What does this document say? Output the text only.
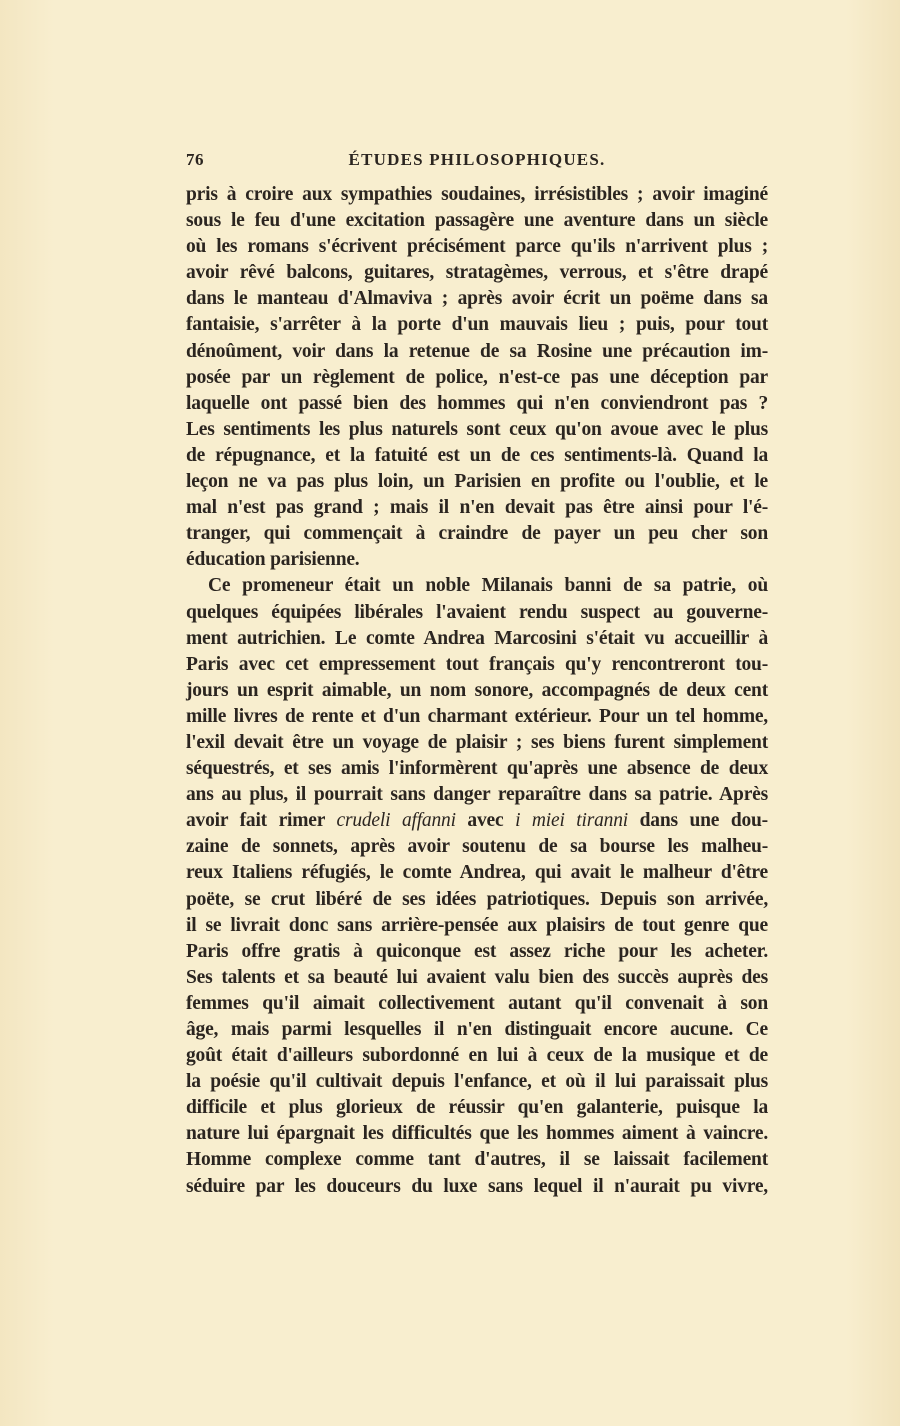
76	ÉTUDES PHILOSOPHIQUES.
pris à croire aux sympathies soudaines, irrésistibles ; avoir imaginé
sous le feu d'une excitation passagère une aventure dans un siècle
où les romans s'écrivent précisément parce qu'ils n'arrivent plus ;
avoir rêvé balcons, guitares, stratagèmes, verrous, et s'être drapé
dans le manteau d'Almaviva ; après avoir écrit un poëme dans sa
fantaisie, s'arrêter à la porte d'un mauvais lieu ; puis, pour tout
dénoûment, voir dans la retenue de sa Rosine une précaution im-
posée par un règlement de police, n'est-ce pas une déception par
laquelle ont passé bien des hommes qui n'en conviendront pas ?
Les sentiments les plus naturels sont ceux qu'on avoue avec le plus
de répugnance, et la fatuité est un de ces sentiments-là. Quand la
leçon ne va pas plus loin, un Parisien en profite ou l'oublie, et le
mal n'est pas grand ; mais il n'en devait pas être ainsi pour l'é-
tranger, qui commençait à craindre de payer un peu cher son
éducation parisienne.
Ce promeneur était un noble Milanais banni de sa patrie, où
quelques équipées libérales l'avaient rendu suspect au gouverne-
ment autrichien. Le comte Andrea Marcosini s'était vu accueillir à
Paris avec cet empressement tout français qu'y rencontreront tou-
jours un esprit aimable, un nom sonore, accompagnés de deux cent
mille livres de rente et d'un charmant extérieur. Pour un tel homme,
l'exil devait être un voyage de plaisir ; ses biens furent simplement
séquestrés, et ses amis l'informèrent qu'après une absence de deux
ans au plus, il pourrait sans danger reparaître dans sa patrie. Après
avoir fait rimer crudeli affanni avec i miei tiranni dans une dou-
zaine de sonnets, après avoir soutenu de sa bourse les malheu-
reux Italiens réfugiés, le comte Andrea, qui avait le malheur d'être
poëte, se crut libéré de ses idées patriotiques. Depuis son arrivée,
il se livrait donc sans arrière-pensée aux plaisirs de tout genre que
Paris offre gratis à quiconque est assez riche pour les acheter.
Ses talents et sa beauté lui avaient valu bien des succès auprès des
femmes qu'il aimait collectivement autant qu'il convenait à son
âge, mais parmi lesquelles il n'en distinguait encore aucune. Ce
goût était d'ailleurs subordonné en lui à ceux de la musique et de
la poésie qu'il cultivait depuis l'enfance, et où il lui paraissait plus
difficile et plus glorieux de réussir qu'en galanterie, puisque la
nature lui épargnait les difficultés que les hommes aiment à vaincre.
Homme complexe comme tant d'autres, il se laissait facilement
séduire par les douceurs du luxe sans lequel il n'aurait pu vivre,
